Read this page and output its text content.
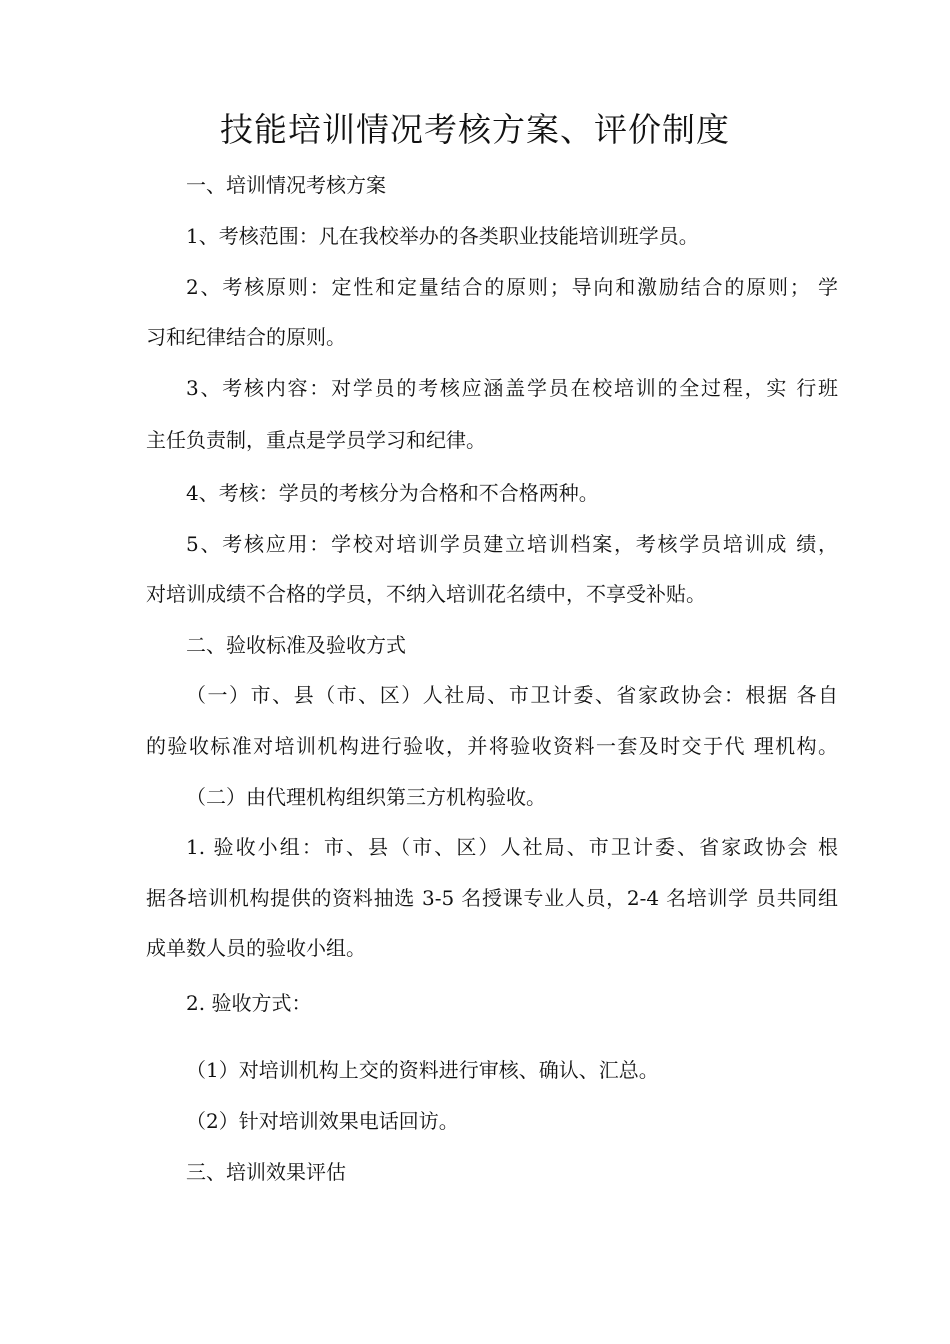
技能培训情况考核方案、评价制度
一、培训情况考核方案
1、考核范围：凡在我校举办的各类职业技能培训班学员。
2、考核原则：定性和定量结合的原则；导向和激励结合的原则； 学
习和纪律结合的原则。
3、考核内容：对学员的考核应涵盖学员在校培训的全过程，实 行班
主任负责制，重点是学员学习和纪律。
4、考核：学员的考核分为合格和不合格两种。
5、考核应用：学校对培训学员建立培训档案，考核学员培训成 绩，
对培训成绩不合格的学员，不纳入培训花名绩中，不享受补贴。
二、验收标准及验收方式
（一）市、县（市、区）人社局、市卫计委、省家政协会：根据 各自
的验收标准对培训机构进行验收，并将验收资料一套及时交于代 理机构。
（二）由代理机构组织第三方机构验收。
1. 验收小组：市、县（市、区）人社局、市卫计委、省家政协会 根
据各培训机构提供的资料抽选 3-5 名授课专业人员，2-4 名培训学 员共同组
成单数人员的验收小组。
2. 验收方式：
（1）对培训机构上交的资料进行审核、确认、汇总。
（2）针对培训效果电话回访。
三、培训效果评估
